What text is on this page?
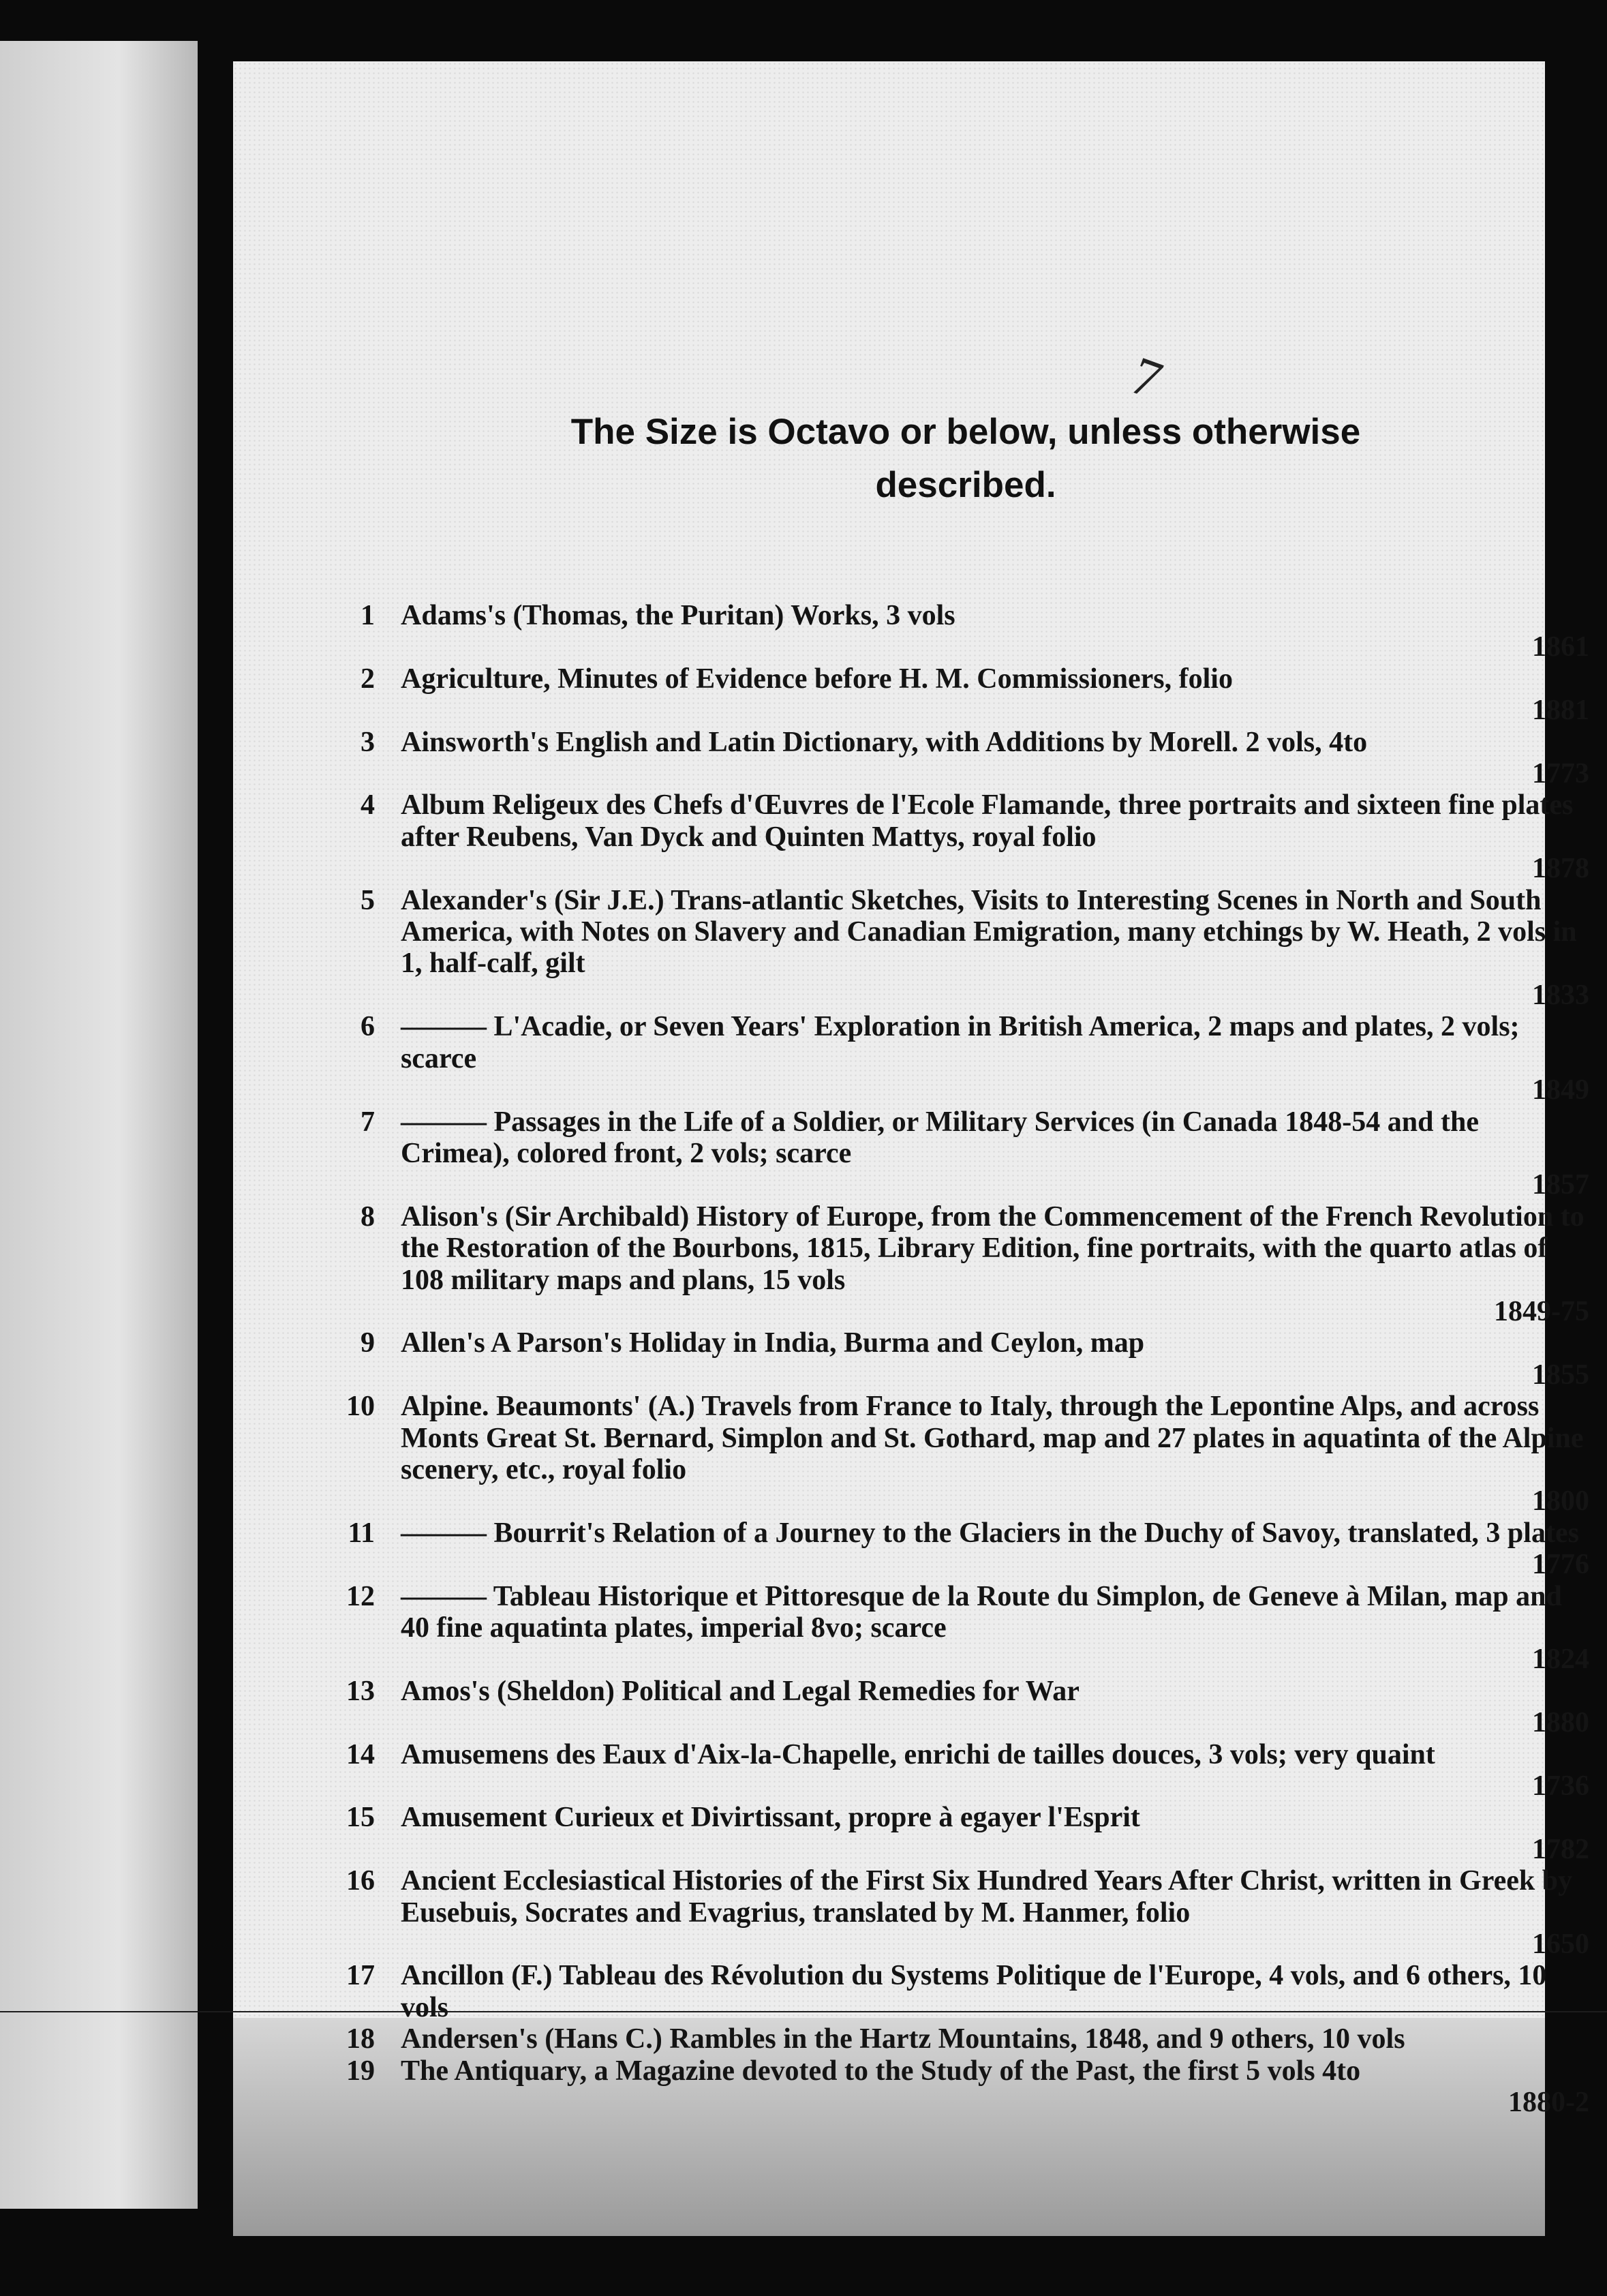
7
The Size is Octavo or below, unless otherwise
described.
1 Adams's (Thomas, the Puritan) Works, 3 vols
1861
2 Agriculture, Minutes of Evidence before H. M. Commissioners, folio
1881
3 Ainsworth's English and Latin Dictionary, with Additions by Morell. 2 vols, 4to
1773
4 Album Religeux des Chefs d'Œuvres de l'Ecole Flamande, three portraits and sixteen fine plates after Reubens, Van Dyck and Quinten Mattys, royal folio
1878
5 Alexander's (Sir J.E.) Trans-atlantic Sketches, Visits to Interesting Scenes in North and South America, with Notes on Slavery and Canadian Emigration, many etchings by W. Heath, 2 vols in 1, half-calf, gilt
1833
6 ——— L'Acadie, or Seven Years' Exploration in British America, 2 maps and plates, 2 vols; scarce
1849
7 ——— Passages in the Life of a Soldier, or Military Services (in Canada 1848-54 and the Crimea), colored front, 2 vols; scarce
1857
8 Alison's (Sir Archibald) History of Europe, from the Commencement of the French Revolution to the Restoration of the Bourbons, 1815, Library Edition, fine portraits, with the quarto atlas of 108 military maps and plans, 15 vols
1849-75
9 Allen's A Parson's Holiday in India, Burma and Ceylon, map
1855
10 Alpine. Beaumonts' (A.) Travels from France to Italy, through the Lepontine Alps, and across Monts Great St. Bernard, Simplon and St. Gothard, map and 27 plates in aquatinta of the Alpine scenery, etc., royal folio
1800
11 ——— Bourrit's Relation of a Journey to the Glaciers in the Duchy of Savoy, translated, 3 plates
1776
12 ——— Tableau Historique et Pittoresque de la Route du Simplon, de Geneve à Milan, map and 40 fine aquatinta plates, imperial 8vo; scarce
1824
13 Amos's (Sheldon) Political and Legal Remedies for War
1880
14 Amusemens des Eaux d'Aix-la-Chapelle, enrichi de tailles douces, 3 vols; very quaint
1736
15 Amusement Curieux et Divirtissant, propre à egayer l'Esprit
1782
16 Ancient Ecclesiastical Histories of the First Six Hundred Years After Christ, written in Greek by Eusebuis, Socrates and Evagrius, translated by M. Hanmer, folio
1650
17 Ancillon (F.) Tableau des Révolution du Systems Politique de l'Europe, 4 vols, and 6 others, 10 vols
18 Andersen's (Hans C.) Rambles in the Hartz Mountains, 1848, and 9 others, 10 vols
19 The Antiquary, a Magazine devoted to the Study of the Past, the first 5 vols 4to
1880-2
